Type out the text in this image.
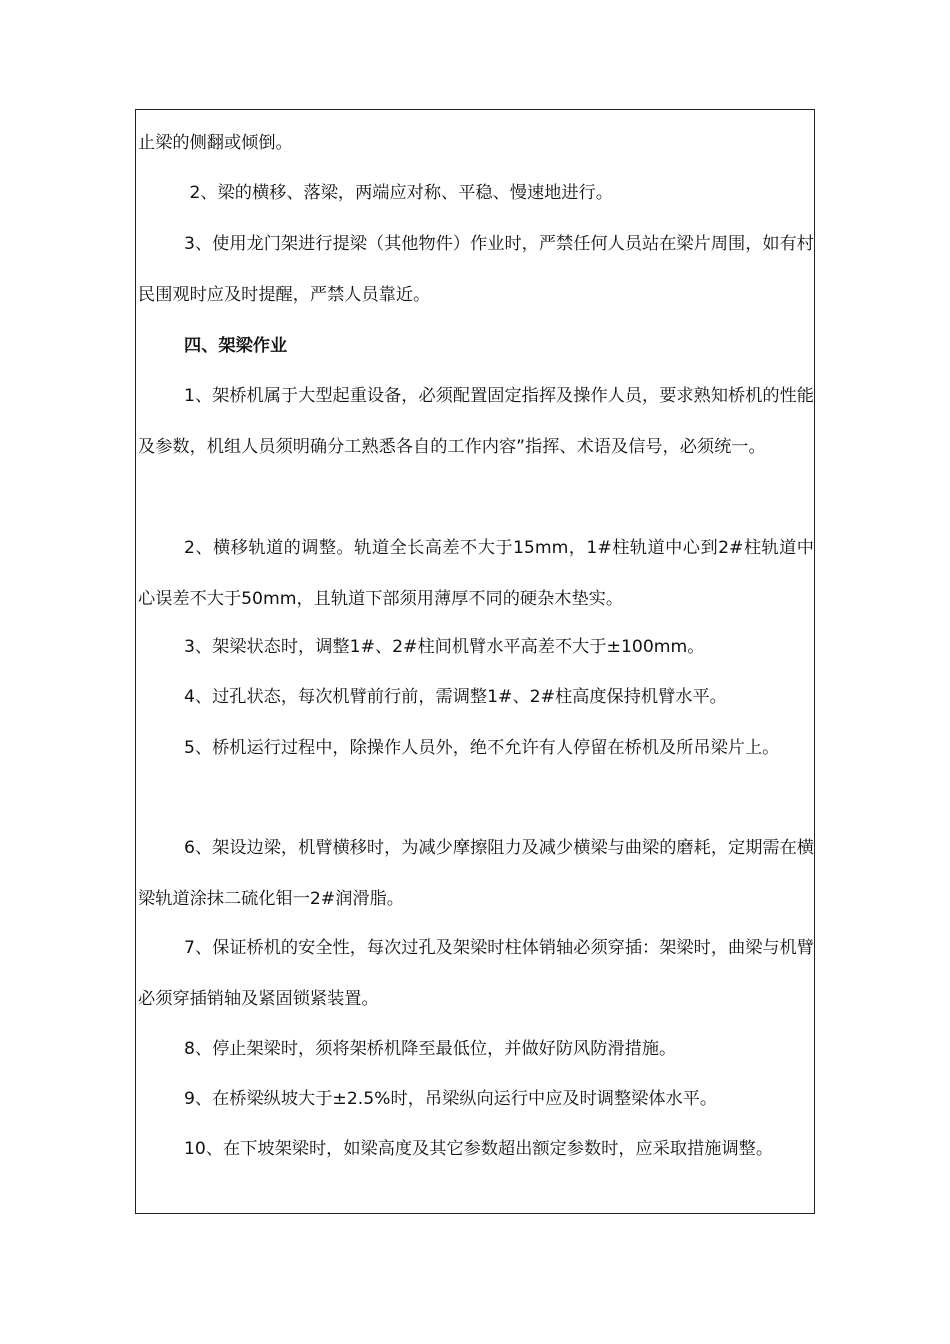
止梁的侧翻或倾倒。

2、梁的横移、落梁，两端应对称、平稳、慢速地进行。

3、使用龙门架进行提梁（其他物件）作业时，严禁任何人员站在梁片周围，如有村民围观时应及时提醒，严禁人员靠近。

四、架梁作业

1、架桥机属于大型起重设备，必须配置固定指挥及操作人员，要求熟知桥机的性能及参数，机组人员须明确分工熟悉各自的工作内容”指挥、术语及信号，必须统一。

2、横移轨道的调整。轨道全长高差不大于15mm，1#柱轨道中心到2#柱轨道中心误差不大于50mm，且轨道下部须用薄厚不同的硬杂木垫实。

3、架梁状态时，调整1#、2#柱间机臂水平高差不大于±100mm。

4、过孔状态，每次机臂前行前，需调整1#、2#柱高度保持机臂水平。

5、桥机运行过程中，除操作人员外，绝不允许有人停留在桥机及所吊梁片上。

6、架设边梁，机臂横移时，为减少摩擦阻力及减少横梁与曲梁的磨耗，定期需在横梁轨道涂抹二硫化钼一2#润滑脂。

7、保证桥机的安全性，每次过孔及架梁时柱体销轴必须穿插：架梁时，曲梁与机臂必须穿插销轴及紧固锁紧装置。

8、停止架梁时，须将架桥机降至最低位，并做好防风防滑措施。

9、在桥梁纵坡大于±2.5%时，吊梁纵向运行中应及时调整梁体水平。

10、在下坡架梁时，如梁高度及其它参数超出额定参数时，应采取措施调整。
